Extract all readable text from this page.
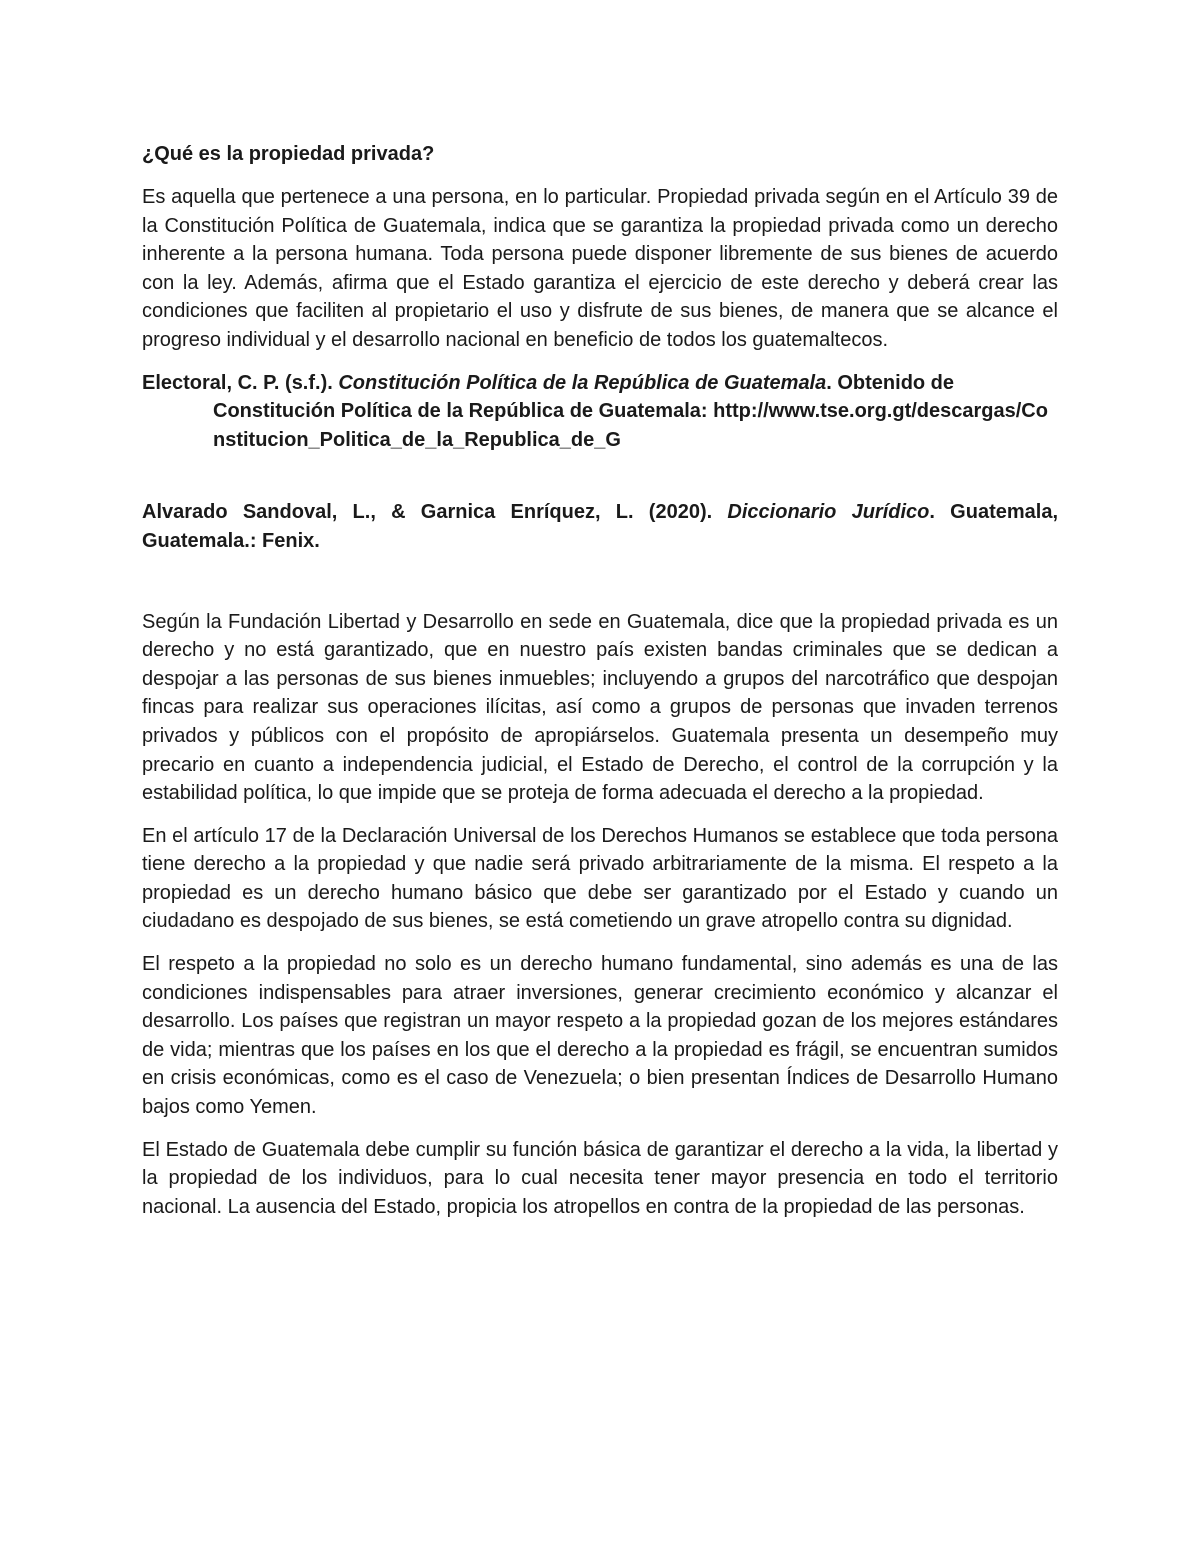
¿Qué es la propiedad privada?

Es aquella que pertenece a una persona, en lo particular. Propiedad privada según en el Artículo 39 de la Constitución Política de Guatemala, indica que se garantiza la propiedad privada como un derecho inherente a la persona humana. Toda persona puede disponer libremente de sus bienes de acuerdo con la ley. Además, afirma que el Estado garantiza el ejercicio de este derecho y deberá crear las condiciones que faciliten al propietario el uso y disfrute de sus bienes, de manera que se alcance el progreso individual y el desarrollo nacional en beneficio de todos los guatemaltecos.

Electoral, C. P. (s.f.). Constitución Política de la República de Guatemala. Obtenido de Constitución Política de la República de Guatemala: http://www.tse.org.gt/descargas/Constitucion_Politica_de_la_Republica_de_G

Alvarado Sandoval, L., & Garnica Enríquez, L. (2020). Diccionario Jurídico. Guatemala, Guatemala.: Fenix.

Según la Fundación Libertad y Desarrollo en sede en Guatemala, dice que la propiedad privada es un derecho y no está garantizado, que en nuestro país existen bandas criminales que se dedican a despojar a las personas de sus bienes inmuebles; incluyendo a grupos del narcotráfico que despojan fincas para realizar sus operaciones ilícitas, así como a grupos de personas que invaden terrenos privados y públicos con el propósito de apropiárselos. Guatemala presenta un desempeño muy precario en cuanto a independencia judicial, el Estado de Derecho, el control de la corrupción y la estabilidad política, lo que impide que se proteja de forma adecuada el derecho a la propiedad.

En el artículo 17 de la Declaración Universal de los Derechos Humanos se establece que toda persona tiene derecho a la propiedad y que nadie será privado arbitrariamente de la misma. El respeto a la propiedad es un derecho humano básico que debe ser garantizado por el Estado y cuando un ciudadano es despojado de sus bienes, se está cometiendo un grave atropello contra su dignidad.

El respeto a la propiedad no solo es un derecho humano fundamental, sino además es una de las condiciones indispensables para atraer inversiones, generar crecimiento económico y alcanzar el desarrollo. Los países que registran un mayor respeto a la propiedad gozan de los mejores estándares de vida; mientras que los países en los que el derecho a la propiedad es frágil, se encuentran sumidos en crisis económicas, como es el caso de Venezuela; o bien presentan Índices de Desarrollo Humano bajos como Yemen.

El Estado de Guatemala debe cumplir su función básica de garantizar el derecho a la vida, la libertad y la propiedad de los individuos, para lo cual necesita tener mayor presencia en todo el territorio nacional. La ausencia del Estado, propicia los atropellos en contra de la propiedad de las personas.
